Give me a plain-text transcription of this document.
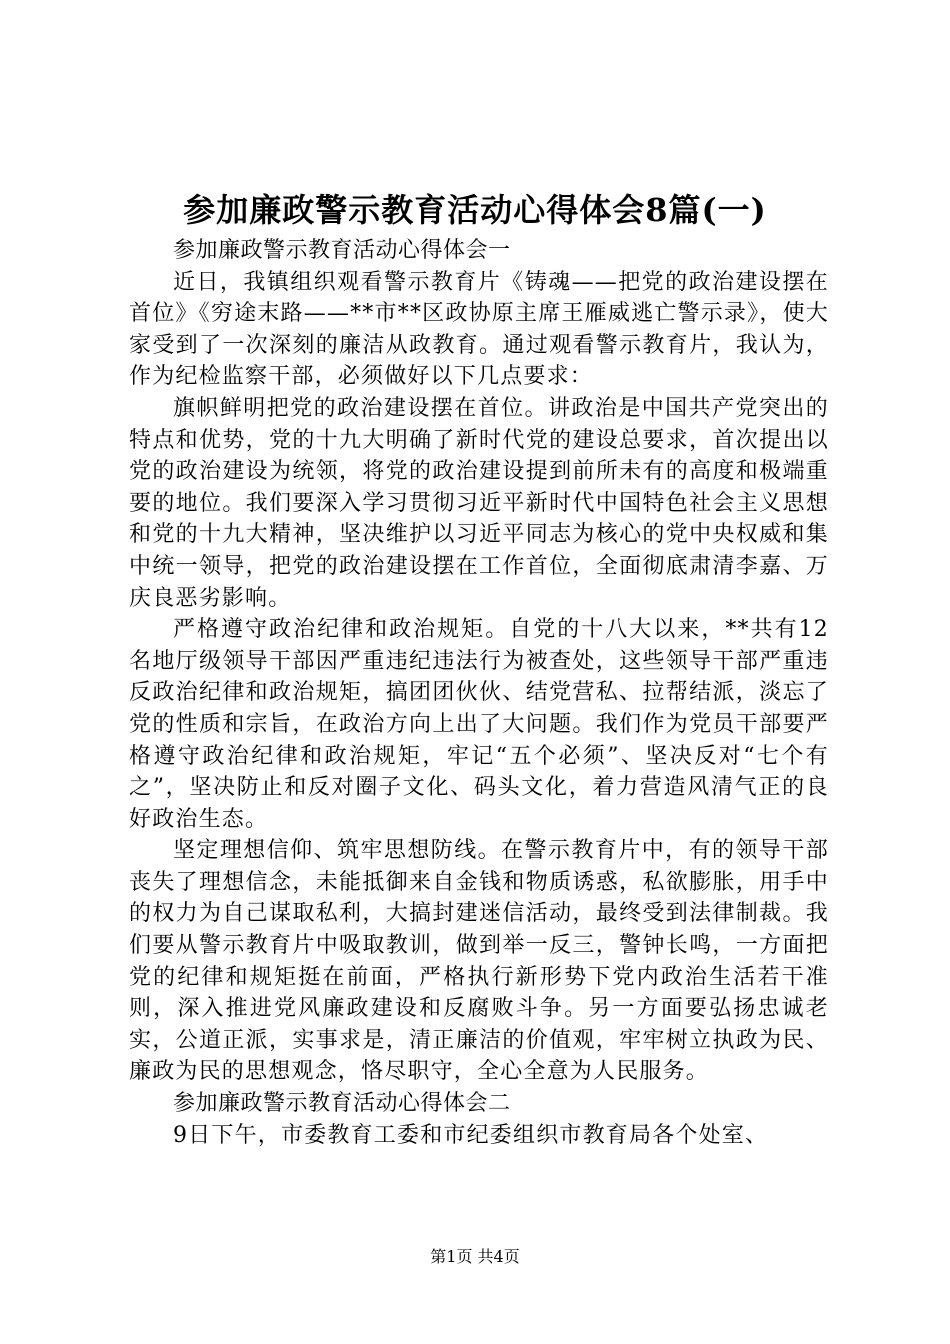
参加廉政警示教育活动心得体会8篇(一)

参加廉政警示教育活动心得体会一

近日，我镇组织观看警示教育片《铸魂——把党的政治建设摆在首位》《穷途末路——**市**区政协原主席王雁威逃亡警示录》，使大家受到了一次深刻的廉洁从政教育。通过观看警示教育片，我认为，作为纪检监察干部，必须做好以下几点要求：

旗帜鲜明把党的政治建设摆在首位。讲政治是中国共产党突出的特点和优势，党的十九大明确了新时代党的建设总要求，首次提出以党的政治建设为统领，将党的政治建设提到前所未有的高度和极端重要的地位。我们要深入学习贯彻习近平新时代中国特色社会主义思想和党的十九大精神，坚决维护以习近平同志为核心的党中央权威和集中统一领导，把党的政治建设摆在工作首位，全面彻底肃清李嘉、万庆良恶劣影响。

严格遵守政治纪律和政治规矩。自党的十八大以来，**共有12名地厅级领导干部因严重违纪违法行为被查处，这些领导干部严重违反政治纪律和政治规矩，搞团团伙伙、结党营私、拉帮结派，淡忘了党的性质和宗旨，在政治方向上出了大问题。我们作为党员干部要严格遵守政治纪律和政治规矩，牢记“五个必须”、坚决反对“七个有之”，坚决防止和反对圈子文化、码头文化，着力营造风清气正的良好政治生态。

坚定理想信仰、筑牢思想防线。在警示教育片中，有的领导干部丧失了理想信念，未能抵御来自金钱和物质诱惑，私欲膨胀，用手中的权力为自己谋取私利，大搞封建迷信活动，最终受到法律制裁。我们要从警示教育片中吸取教训，做到举一反三，警钟长鸣，一方面把党的纪律和规矩挺在前面，严格执行新形势下党内政治生活若干准则，深入推进党风廉政建设和反腐败斗争。另一方面要弘扬忠诚老实，公道正派，实事求是，清正廉洁的价值观，牢牢树立执政为民、廉政为民的思想观念，恪尽职守，全心全意为人民服务。

参加廉政警示教育活动心得体会二

9日下午，市委教育工委和市纪委组织市教育局各个处室、

第1页 共4页
